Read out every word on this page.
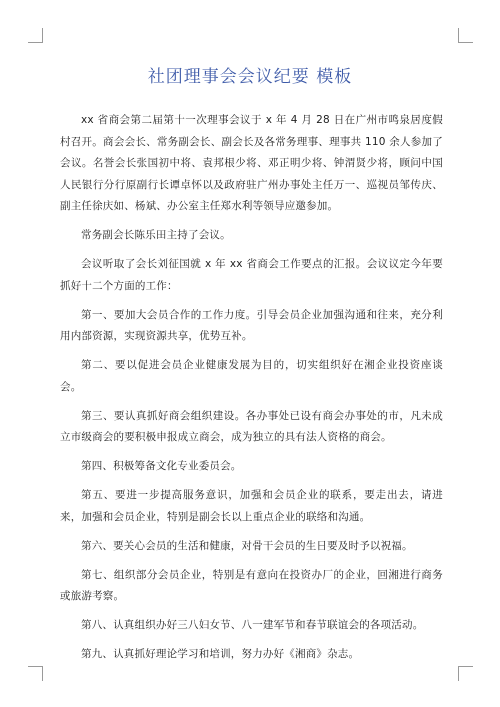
社团理事会会议纪要 模板

xx 省商会第二届第十一次理事会议于 x 年 4 月 28 日在广州市鸣泉居度假村召开。商会会长、常务副会长、副会长及各常务理事、理事共 110 余人参加了会议。名誉会长张国初中将、袁邦根少将、邓正明少将、钟渭贤少将，顾问中国人民银行分行原副行长谭卓怀以及政府驻广州办事处主任万一、巡视员邹传庆、副主任徐庆如、杨斌、办公室主任郑水利等领导应邀参加。

常务副会长陈乐田主持了会议。

会议听取了会长刘征国就 x 年 xx 省商会工作要点的汇报。会议议定今年要抓好十二个方面的工作：

第一、要加大会员合作的工作力度。引导会员企业加强沟通和往来，充分利用内部资源，实现资源共享，优势互补。

第二、要以促进会员企业健康发展为目的，切实组织好在湘企业投资座谈会。

第三、要认真抓好商会组织建设。各办事处已设有商会办事处的市，凡未成立市级商会的要积极申报成立商会，成为独立的具有法人资格的商会。

第四、积极筹备文化专业委员会。

第五、要进一步提高服务意识，加强和会员企业的联系，要走出去，请进来，加强和会员企业，特别是副会长以上重点企业的联络和沟通。

第六、要关心会员的生活和健康，对骨干会员的生日要及时予以祝福。

第七、组织部分会员企业，特别是有意向在投资办厂的企业，回湘进行商务或旅游考察。

第八、认真组织办好三八妇女节、八一建军节和春节联谊会的各项活动。

第九、认真抓好理论学习和培训，努力办好《湘商》杂志。
